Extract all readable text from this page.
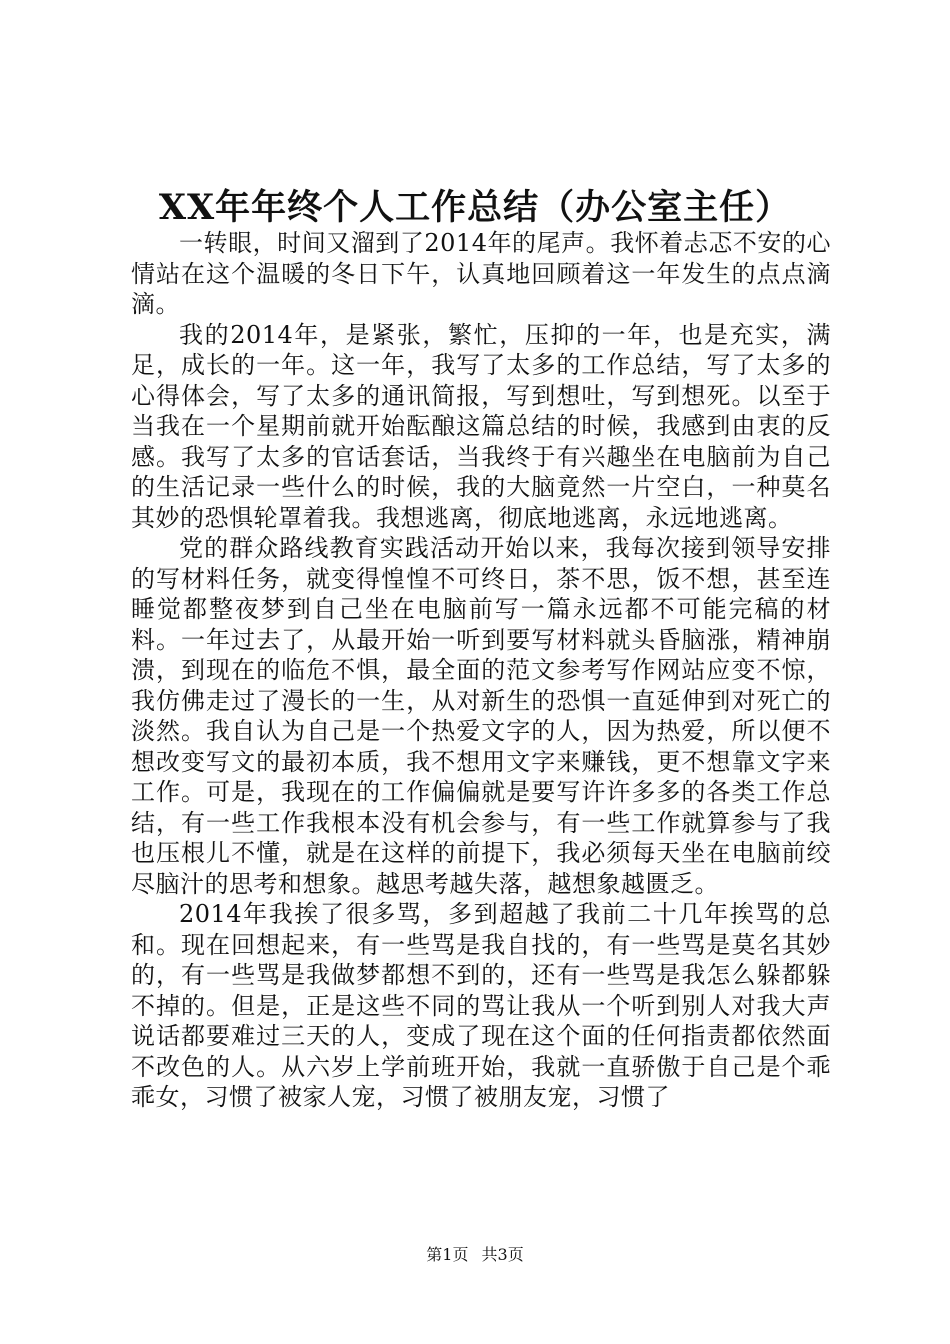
XX年年终个人工作总结（办公室主任）

一转眼，时间又溜到了2014年的尾声。我怀着忐忑不安的心情站在这个温暖的冬日下午，认真地回顾着这一年发生的点点滴滴。

我的2014年，是紧张，繁忙，压抑的一年，也是充实，满足，成长的一年。这一年，我写了太多的工作总结，写了太多的心得体会，写了太多的通讯简报，写到想吐，写到想死。以至于当我在一个星期前就开始酝酿这篇总结的时候，我感到由衷的反感。我写了太多的官话套话，当我终于有兴趣坐在电脑前为自己的生活记录一些什么的时候，我的大脑竟然一片空白，一种莫名其妙的恐惧轮罩着我。我想逃离，彻底地逃离，永远地逃离。

党的群众路线教育实践活动开始以来，我每次接到领导安排的写材料任务，就变得惶惶不可终日，茶不思，饭不想，甚至连睡觉都整夜梦到自己坐在电脑前写一篇永远都不可能完稿的材料。一年过去了，从最开始一听到要写材料就头昏脑涨，精神崩溃，到现在的临危不惧，最全面的范文参考写作网站应变不惊，我仿佛走过了漫长的一生，从对新生的恐惧一直延伸到对死亡的淡然。我自认为自己是一个热爱文字的人，因为热爱，所以便不想改变写文的最初本质，我不想用文字来赚钱，更不想靠文字来工作。可是，我现在的工作偏偏就是要写许许多多的各类工作总结，有一些工作我根本没有机会参与，有一些工作就算参与了我也压根儿不懂，就是在这样的前提下，我必须每天坐在电脑前绞尽脑汁的思考和想象。越思考越失落，越想象越匮乏。

2014年我挨了很多骂，多到超越了我前二十几年挨骂的总和。现在回想起来，有一些骂是我自找的，有一些骂是莫名其妙的，有一些骂是我做梦都想不到的，还有一些骂是我怎么躲都躲不掉的。但是，正是这些不同的骂让我从一个听到别人对我大声说话都要难过三天的人，变成了现在这个面的任何指责都依然面不改色的人。从六岁上学前班开始，我就一直骄傲于自己是个乖乖女，习惯了被家人宠，习惯了被朋友宠，习惯了

第1页 共3页
